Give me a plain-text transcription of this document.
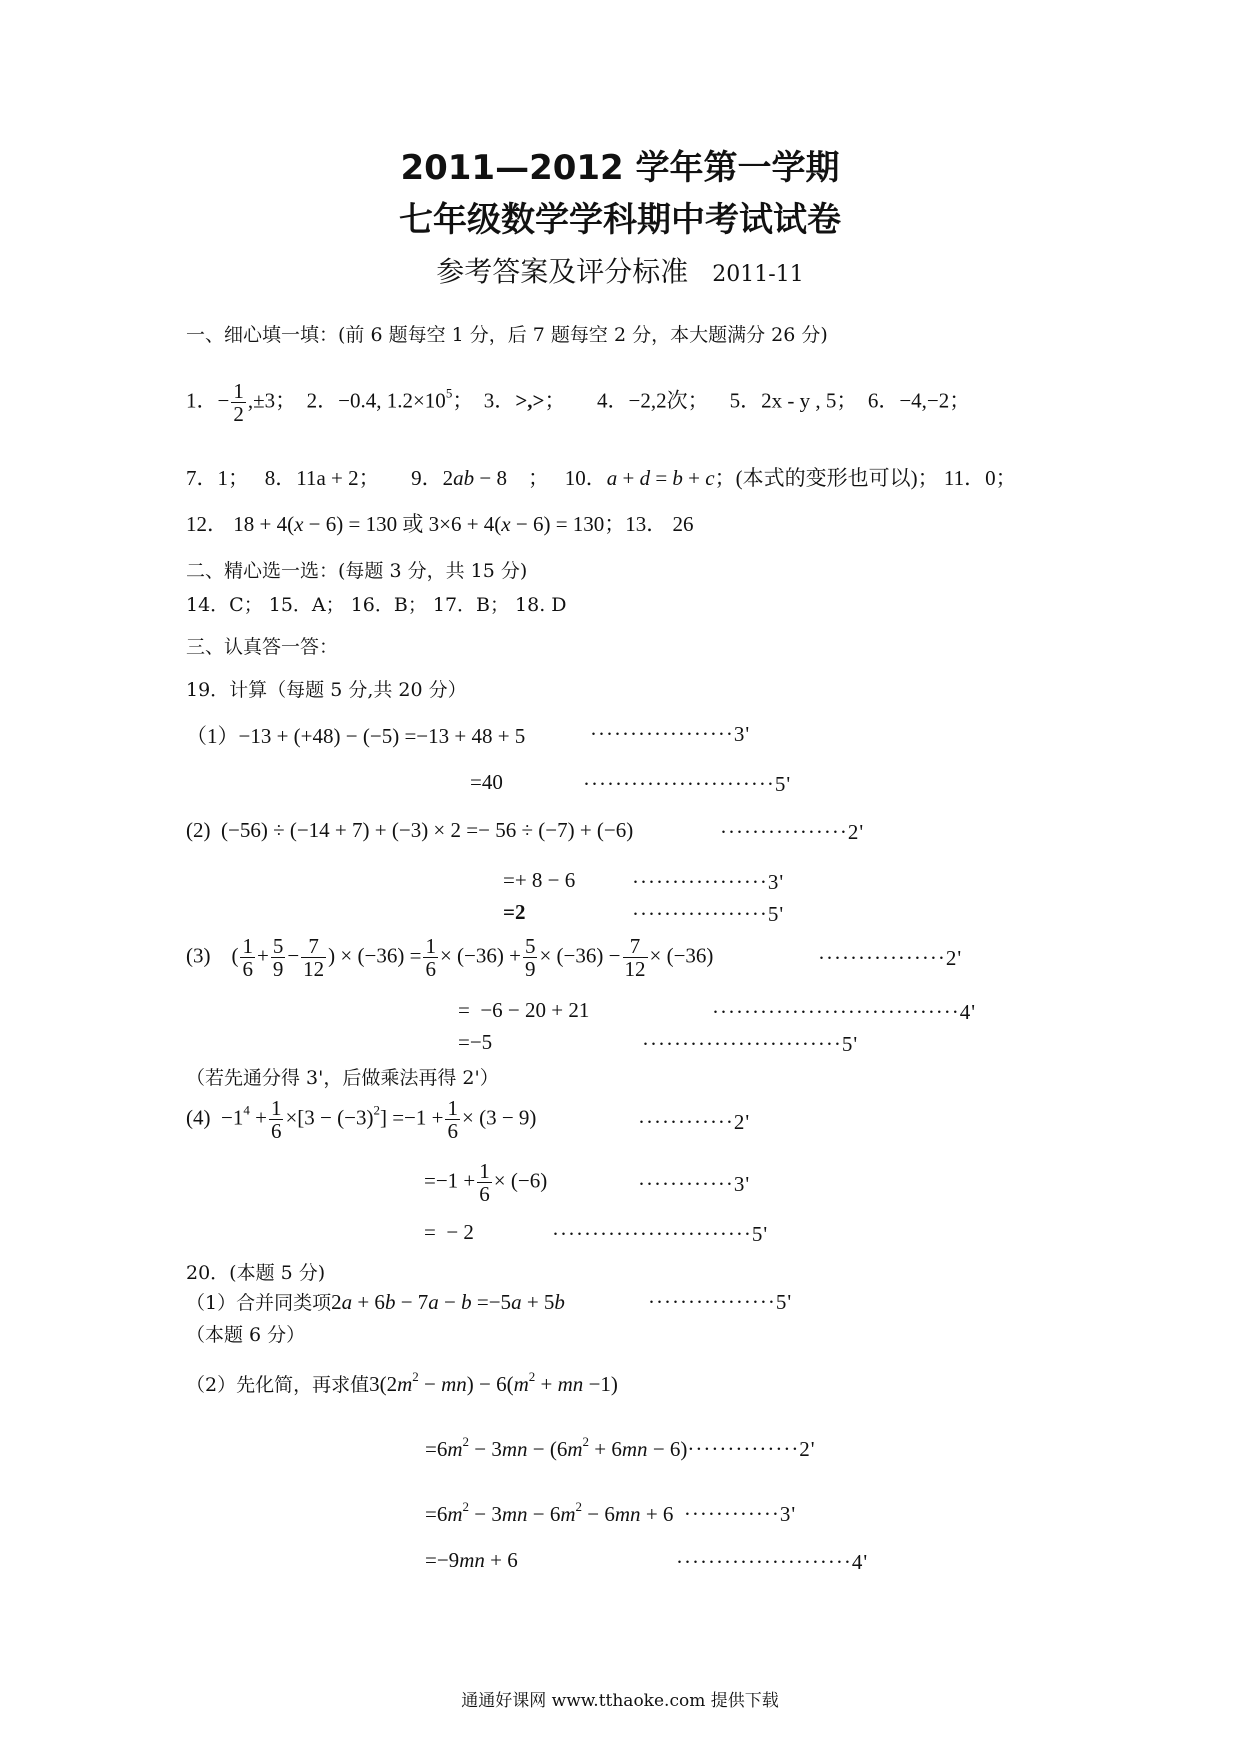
2011—2012 学年第一学期
七年级数学学科期中考试试卷
参考答案及评分标准 2011-11
一、细心填一填：(前 6 题每空 1 分，后 7 题每空 2 分，本大题满分 26 分)
1．− $\frac{1}{2} ,\pm 3$；  2．−0.4, $1.2\times 10^5$；  3．>,>；      4．−2,2次；    5．2x - y , 5；  6．−4,−2；
7．1；   8．11a + 2；      9．2ab − 8    ；   10．a + d = b + c；(本式的变形也可以)； 11．0；
12． 18 + 4(x − 6) = 130 或 3×6 + 4(x − 6) = 130；13． 26
二、精心选一选：(每题 3 分，共 15 分)
14．C； 15．A； 16．B； 17．B； 18. D
三、认真答一答：
19．计算（每题 5 分,共 20 分）
（1）−13 + (+48) − (−5) =−13 + 48 + 5	··················3'
=40	························5'
(2)  (−56) ÷ (−14 + 7) + (−3) × 2 =− 56 ÷ (−7) + (−6)	················2'
=+ 8 − 6	·················3'
=2	·················5'
(3)    ( $\frac{1}{6} + \frac{5}{9} - \frac{7}{12}$ ) × $(-36) = \frac{1}{6} \times (-36) + \frac{5}{9} \times (-36) - \frac{7}{12} \times (-36)$	················2'
=  −6 − 20 + 21	·······························4'
=−5	·························5'
（若先通分得 3'，后做乘法再得 2'）
$(4) -1^4 + \frac{1}{6} \times[3 - (-3)^2] =-1 + \frac{1}{6} \times (3 - 9)$	············2'
$=-1 + \frac{1}{6} \times (-6)$	············3'
=  − 2	·························5'
20．(本题 5 分)
（1）合并同类项2a + 6b − 7a − b =−5a + 5b	················5'
（本题 6 分）
（2）先化简，再求值$3(2m^2 - mn) - 6(m^2$ + mn −1)
$=6m^2 - 3mn - (6m^2 + 6mn - 6)\cdot\cdot\cdot\cdot\cdot\cdot\cdot\cdot\cdot\cdot\cdot\cdot\cdot\cdot 2'$
$=6m^2 - 3mn - 6m^2 - 6mn + 6 \cdot\cdot\cdot\cdot\cdot\cdot\cdot\cdot\cdot\cdot\cdot\cdot 3'$
=−9mn + 6	······················4'
通通好课网 www.tthaoke.com 提供下载
